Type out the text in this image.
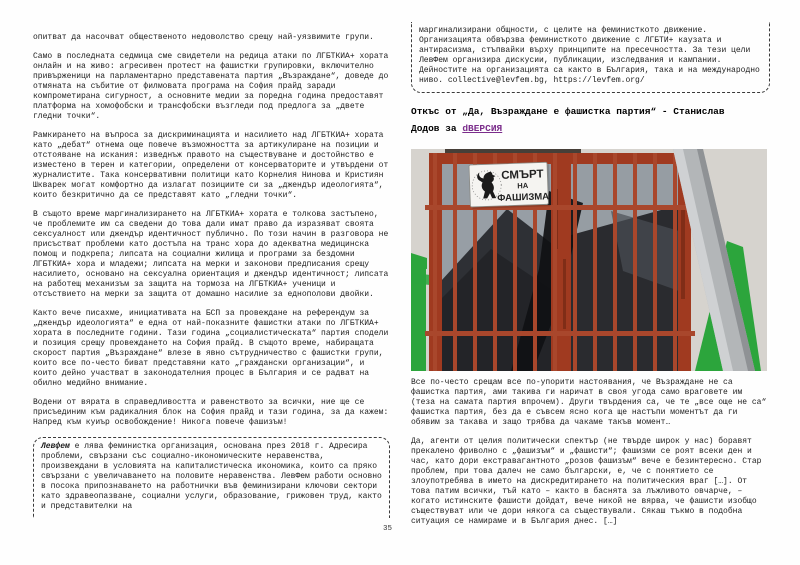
опитват да насочват общественото недоволство срещу най-уязвимите групи.

Само в последната седмица сме свидетели на редица атаки по ЛГБТКИА+ хората онлайн и на живо: агресивен протест на фашистки групировки, включително привърженици на парламентарно представената партия „Възраждане“, доведе до отмяната на събитие от филмовата програма на София прайд заради компрометирана сигурност, а основните медии за поредна година предоставят платформа на хомофобски и трансфобски възгледи под предлога за „двете гледни точки“.

Рамкирането на въпроса за дискриминацията и насилието над ЛГБТКИА+ хората като „дебат“ отнема още повече възможността за артикулиране на позиции и отстояване на искания: изведнъж правото на съществуване и достойнство е изместено в терен и категории, определени от консерваторите и утвърдени от журналистите. Така консервативни политици като Корнелия Нинова и Кристиян Шкварек могат комфортно да излагат позициите си за „джендър идеологията“, които безкритично да се представят като „гледни точки“.

В същото време маргинализирането на ЛГБТКИА+ хората е толкова застъпено, че проблемите им са сведени до това дали имат право да изразяват своята сексуалност или джендър идентичност публично. По този начин в разговора не присъстват проблеми като достъпа на транс хора до адекватна медицинска помощ и подкрепа; липсата на социални жилища и програми за бездомни ЛГБТКИА+ хора и младежи; липсата на мерки и законови предписания срещу насилието, основано на сексуална ориентация и джендър идентичност; липсата на работещ механизъм за защита на тормоза на ЛГБТКИА+ ученици и отсъствието на мерки за защита от домашно насилие за еднополови двойки.

Както вече писахме, инициативата на БСП за провеждане на референдум за „джендър идеологията“ е една от най-показните фашистки атаки по ЛГБТКИА+ хората в последните години. Тази година „социалистическата“ партия сподели и позиция срещу провеждането на София прайд. В същото време, набиращата скорост партия „Възраждане“ влезе в явно сътрудничество с фашистки групи, които все по-често биват представяни като „граждански организации“, и които дейно участват в законодателния процес в България и се радват на обилно медийно внимание.

Водени от вярата в справедливостта и равенството за всички, ние ще се присъединим към радикалния блок на София прайд и тази година, за да кажем: Напред към куиър освобождение! Никога повече фашизъм!

Левфем е лява феминистка организация, основана през 2018 г. Адресира проблеми, свързани със социално-икономическите неравенства, произвеждани в условията на капиталистическа икономика, които са пряко свързани с увеличаването на половите неравенства. ЛевФем работи основно в посока припознаването на работнички във феминизирани ключови сектори като здравеопазване, социални услуги, образование, грижовен труд, както и представителки на

маргинализирани общности, с целите на феминисткото движение. Организацията обвързва феминисткото движение с ЛГБТИ+ каузата и антирасизма, стъпвайки върху принципите на пресечността. За тези цели ЛевФем организира дискусии, публикации, изследвания и кампании. Дейностите на организацията са както в България, така и на международно ниво. collective@levfem.bg, https://levfem.org/

Откъс от „Да, Възраждане е фашистка партия“ - Станислав Додов за dВЕРСИЯ
СМЪРТ
НА
ФАШИЗМА

Все по-често срещам все по-упорити настоявания, че Възраждане не са фашистка партия, ами такива ги наричат в своя угода само враговете им (теза на самата партия впрочем). Други твърдения са, че те „все още не са“ фашистка партия, без да е съвсем ясно кога ще настъпи моментът да ги обявим за такава и защо трябва да чакаме такъв момент…

Да, агенти от целия политически спектър (не твърде широк у нас) боравят прекалено фриволно с „фашизъм“ и „фашисти“; фашизми се роят всеки ден и час, като дори екстравагантното „розов фашизъм“ вече е безинтересно. Стар проблем, при това далеч не само български, е, че с понятието се злоупотребява в името на дискредитирането на политическия враг […]. От това патим всички, тъй като – както в баснята за лъжливото овчарче, – когато истинските фашисти дойдат, вече никой не вярва, че фашисти изобщо съществуват или че дори някога са съществували. Сякаш тъкмо в подобна ситуация се намираме и в България днес. […]

35
